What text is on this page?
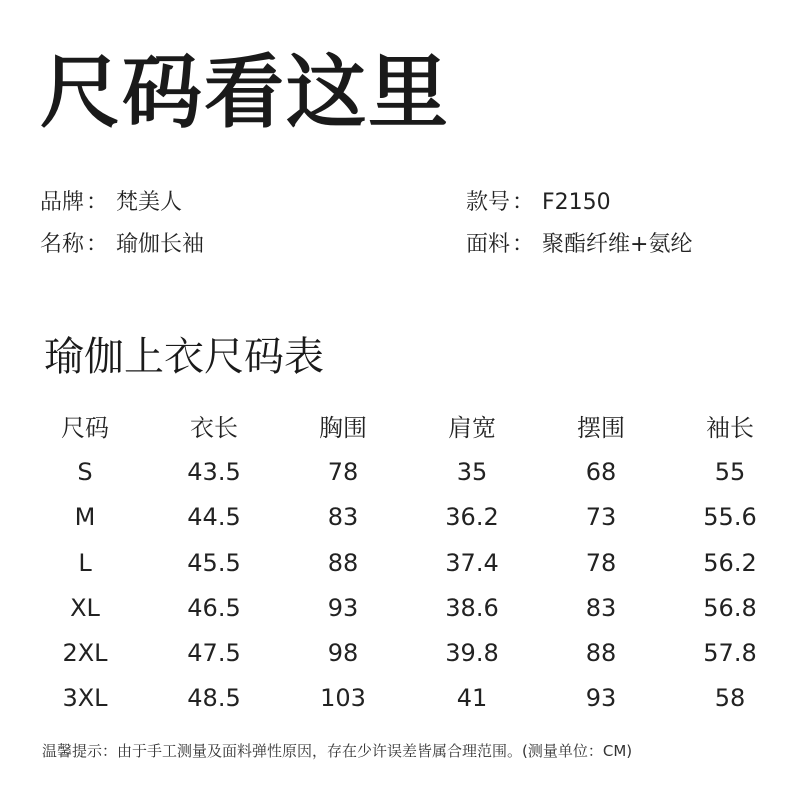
尺码看这里
品牌： 梵美人	款号： F2150
名称： 瑜伽长袖	面料： 聚酯纤维+氨纶
瑜伽上衣尺码表
尺码	衣长	胸围	肩宽	摆围	袖长
S	43.5	78	35	68	55
M	44.5	83	36.2	73	55.6
L	45.5	88	37.4	78	56.2
XL	46.5	93	38.6	83	56.8
2XL	47.5	98	39.8	88	57.8
3XL	48.5	103	41	93	58
温馨提示：由于手工测量及面料弹性原因，存在少许误差皆属合理范围。(测量单位：CM)
